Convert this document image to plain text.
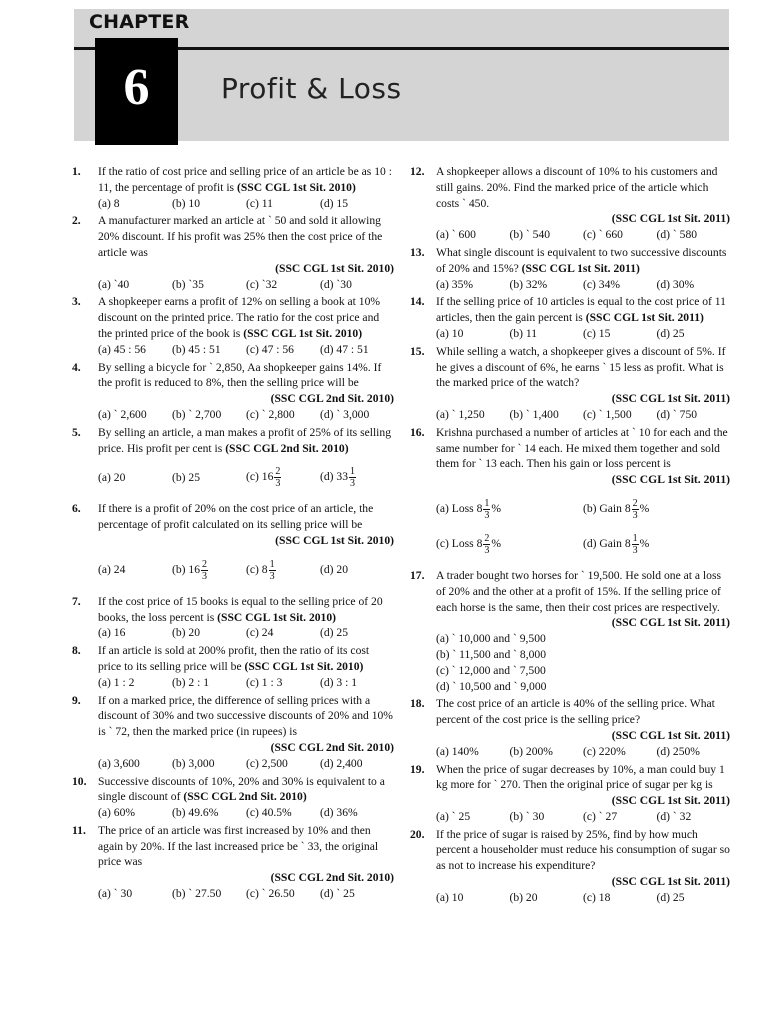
CHAPTER
6	Profit & Loss
1. If the ratio of cost price and selling price of an article be as 10 : 11, the percentage of profit is (SSC CGL 1st Sit. 2010)
(a) 8	(b) 10	(c) 11	(d) 15
2. A manufacturer marked an article at ` 50 and sold it allowing 20% discount. If his profit was 25% then the cost price of the article was
(SSC CGL 1st Sit. 2010)
(a) `40	(b) `35	(c) `32	(d) `30
3. A shopkeeper earns a profit of 12% on selling a book at 10% discount on the printed price. The ratio for the cost price and the printed price of the book is (SSC CGL 1st Sit. 2010)
(a) 45 : 56	(b) 45 : 51	(c) 47 : 56	(d) 47 : 51
4. By selling a bicycle for ` 2,850, Aa shopkeeper gains 14%. If the profit is reduced to 8%, then the selling price will be
(SSC CGL 2nd Sit. 2010)
(a) ` 2,600	(b) ` 2,700	(c) ` 2,800	(d) ` 3,000
5. By selling an article, a man makes a profit of 25% of its selling price. His profit per cent is (SSC CGL 2nd Sit. 2010)
(a) 20	(b) 25	(c) $16 \frac{2}{3}$	(d) $33 \frac{1}{3}$
6. If there is a profit of 20% on the cost price of an article, the percentage of profit calculated on its selling price will be
(SSC CGL 1st Sit. 2010)
(a) 24	(b) $16 \frac{2}{3}$	(c) $8 \frac{1}{3}$	(d) 20
7. If the cost price of 15 books is equal to the selling price of 20 books, the loss percent is (SSC CGL 1st Sit. 2010)
(a) 16	(b) 20	(c) 24	(d) 25
8. If an article is sold at 200% profit, then the ratio of its cost price to its selling price will be (SSC CGL 1st Sit. 2010)
(a) 1 : 2	(b) 2 : 1	(c) 1 : 3	(d) 3 : 1
9. If on a marked price, the difference of selling prices with a discount of 30% and two successive discounts of 20% and 10% is ` 72, then the marked price (in rupees) is
(SSC CGL 2nd Sit. 2010)
(a) 3,600	(b) 3,000	(c) 2,500	(d) 2,400
10. Successive discounts of 10%, 20% and 30% is equivalent to a single discount of (SSC CGL 2nd Sit. 2010)
(a) 60%	(b) 49.6%	(c) 40.5%	(d) 36%
11. The price of an article was first increased by 10% and then again by 20%. If the last increased price be ` 33, the original price was
(SSC CGL 2nd Sit. 2010)
(a) ` 30	(b) ` 27.50	(c) ` 26.50	(d) ` 25
12. A shopkeeper allows a discount of 10% to his customers and still gains. 20%. Find the marked price of the article which costs ` 450.
(SSC CGL 1st Sit. 2011)
(a) ` 600	(b) ` 540	(c) ` 660	(d) ` 580
13. What single discount is equivalent to two successive discounts of 20% and 15%? (SSC CGL 1st Sit. 2011)
(a) 35%	(b) 32%	(c) 34%	(d) 30%
14. If the selling price of 10 articles is equal to the cost price of 11 articles, then the gain percent is (SSC CGL 1st Sit. 2011)
(a) 10	(b) 11	(c) 15	(d) 25
15. While selling a watch, a shopkeeper gives a discount of 5%. If he gives a discount of 6%, he earns ` 15 less as profit. What is the marked price of the watch?
(SSC CGL 1st Sit. 2011)
(a) ` 1,250	(b) ` 1,400	(c) ` 1,500	(d) ` 750
16. Krishna purchased a number of articles at ` 10 for each and the same number for ` 14 each. He mixed them together and sold them for ` 13 each. Then his gain or loss percent is
(SSC CGL 1st Sit. 2011)
(a) Loss $8 \frac{1}{3}$ %	(b) Gain $8 \frac{2}{3}$ %
(c) Loss $8 \frac{2}{3}$ %	(d) Gain $8 \frac{1}{3}$ %
17. A trader bought two horses for ` 19,500. He sold one at a loss of 20% and the other at a profit of 15%. If the selling price of each horse is the same, then their cost prices are respectively.
(SSC CGL 1st Sit. 2011)
(a) ` 10,000 and ` 9,500
(b) ` 11,500 and ` 8,000
(c) ` 12,000 and ` 7,500
(d) ` 10,500 and ` 9,000
18. The cost price of an article is 40% of the selling price. What percent of the cost price is the selling price?
(SSC CGL 1st Sit. 2011)
(a) 140%	(b) 200%	(c) 220%	(d) 250%
19. When the price of sugar decreases by 10%, a man could buy 1 kg more for ` 270. Then the original price of sugar per kg is
(SSC CGL 1st Sit. 2011)
(a) ` 25	(b) ` 30	(c) ` 27	(d) ` 32
20. If the price of sugar is raised by 25%, find by how much percent a householder must reduce his consumption of sugar so as not to increase his expenditure?
(SSC CGL 1st Sit. 2011)
(a) 10	(b) 20	(c) 18	(d) 25
